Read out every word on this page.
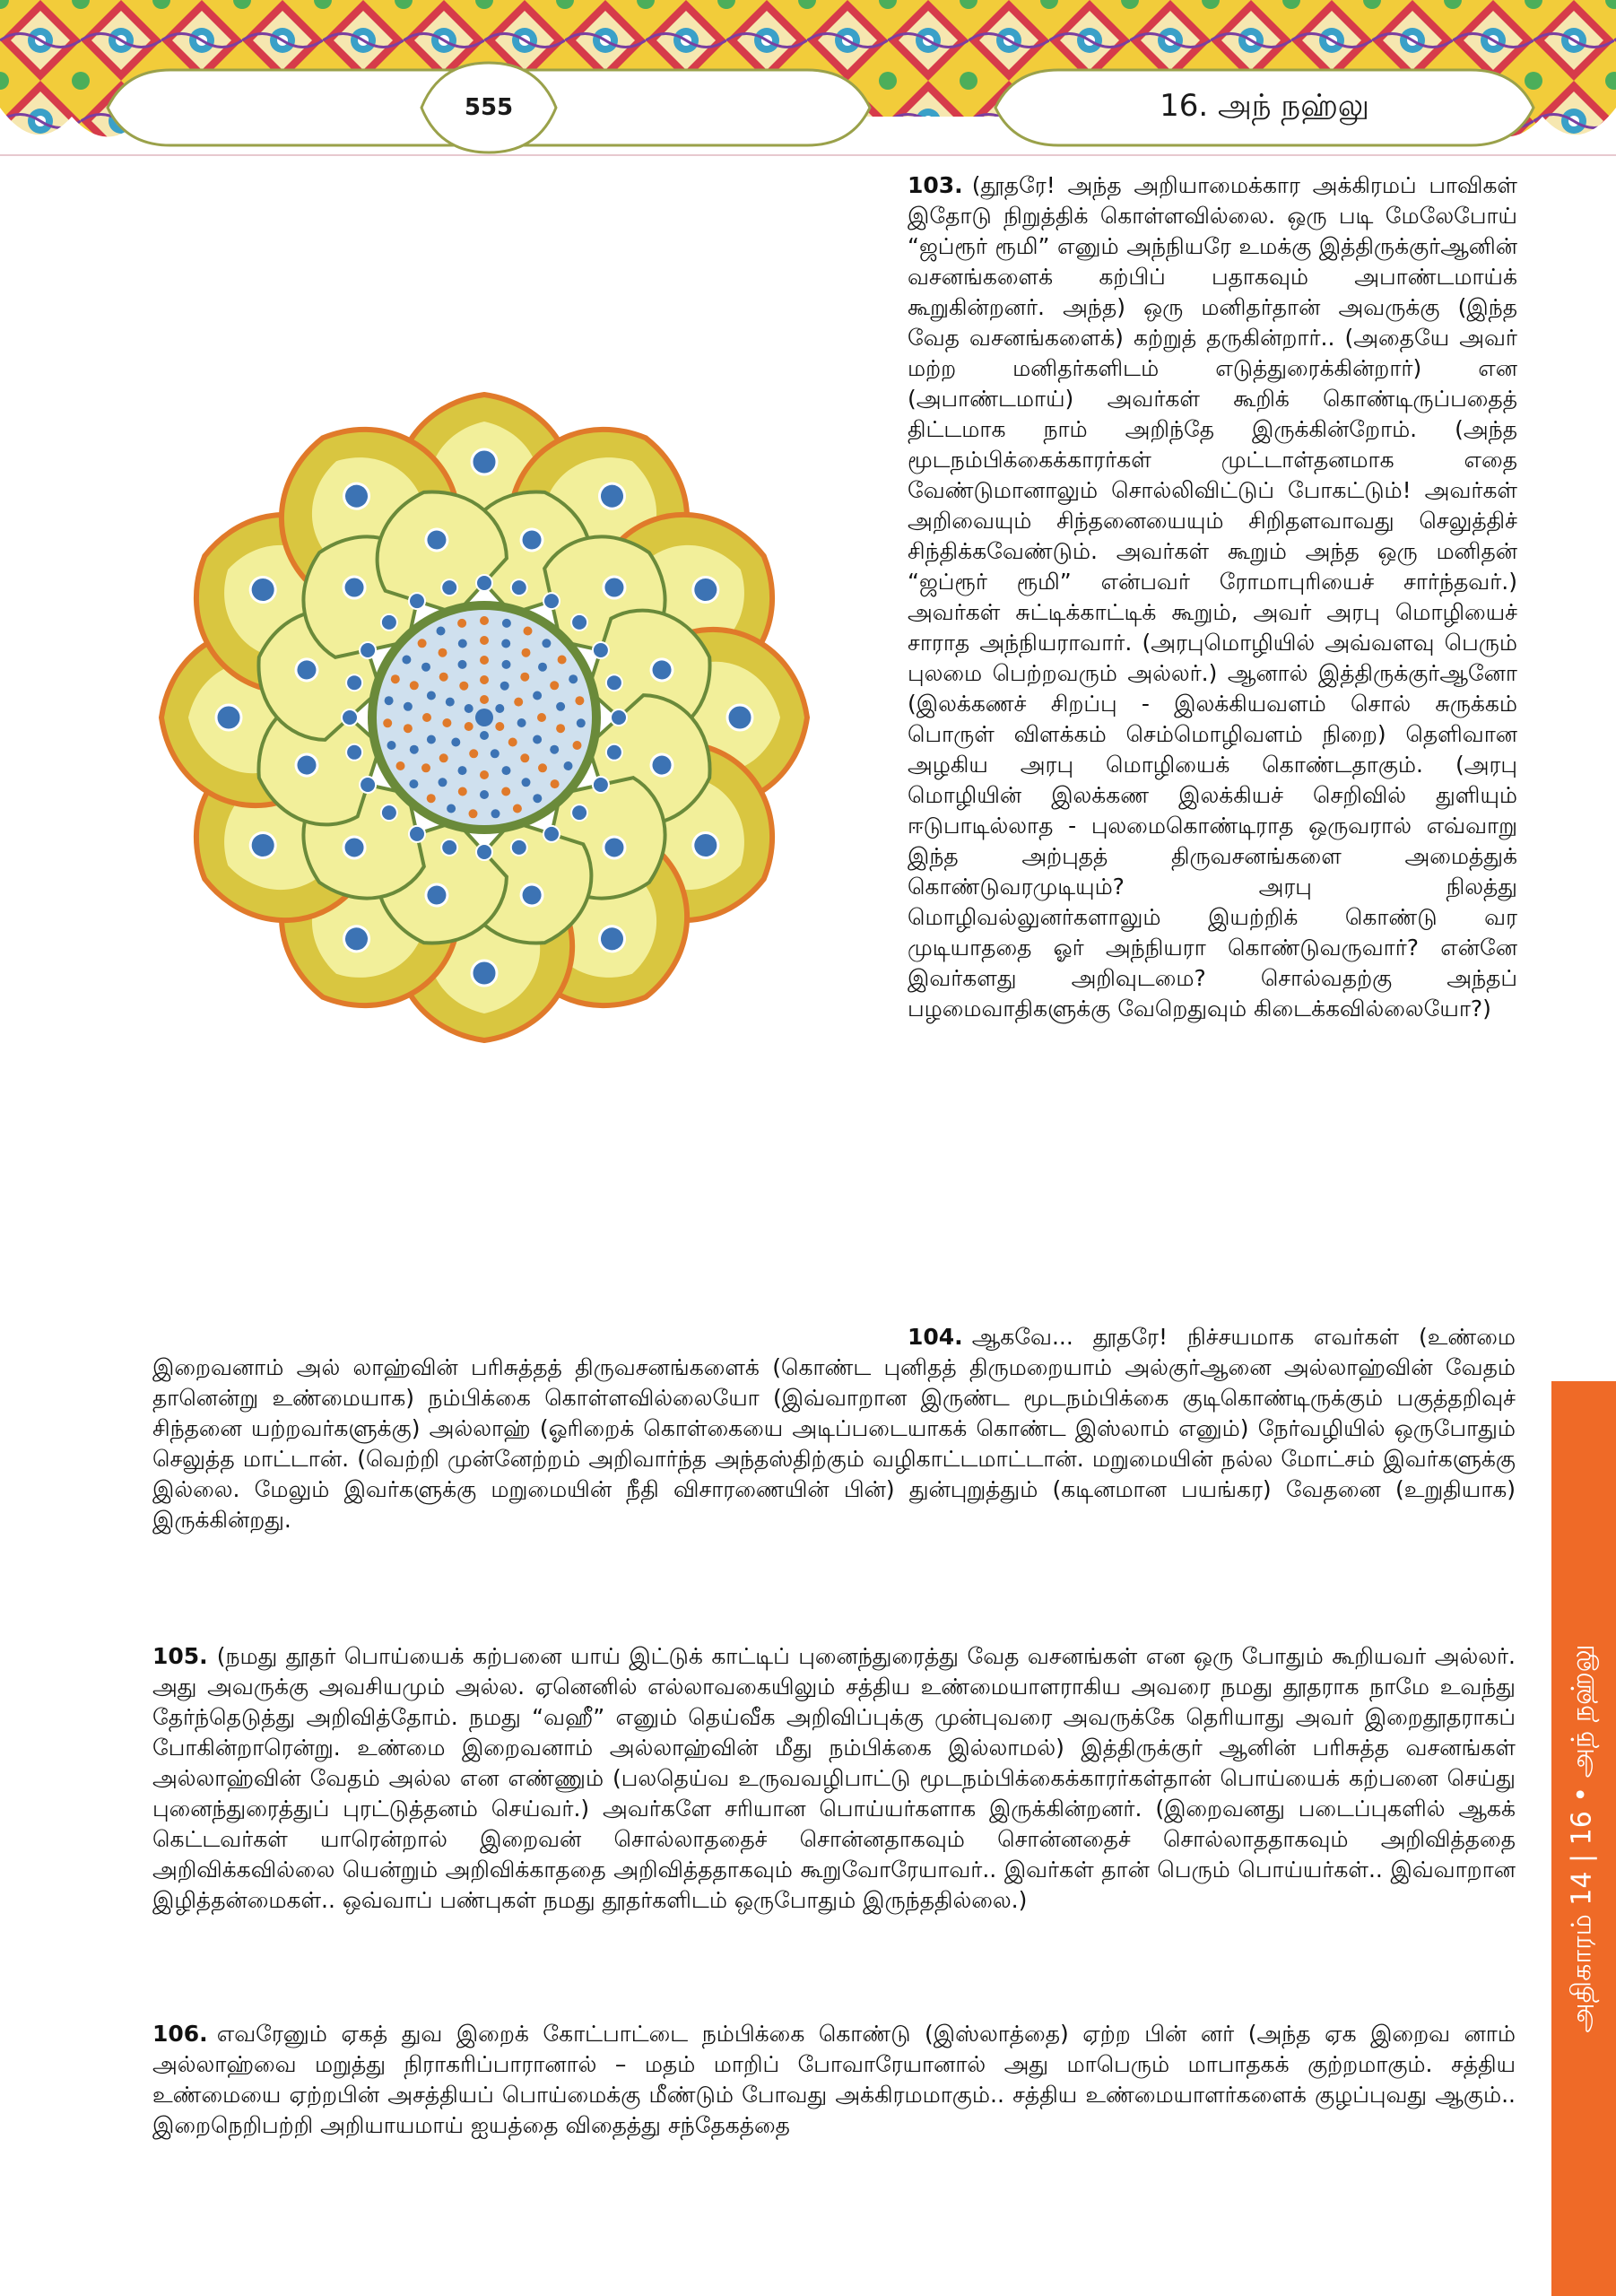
555	16. அந் நஹ்லு

103. (தூதரே! அந்த அறியாமைக்கார அக்கிரமப் பாவிகள் இதோடு நிறுத்திக் கொள்ளவில்லை. ஒரு படி மேலேபோய் “ஜப்ரூர் ரூமி” எனும் அந்நியரே உமக்கு இத்திருக்குர்ஆனின் வசனங்களைக் கற்பிப் பதாகவும் அபாண்டமாய்க் கூறுகின்றனர். அந்த) ஒரு மனிதர்தான் அவருக்கு (இந்த வேத வசனங்களைக்) கற்றுத் தருகின்றார்.. (அதையே அவர் மற்ற மனிதர்களிடம் எடுத்துரைக்கின்றார்) என (அபாண்டமாய்) அவர்கள் கூறிக் கொண்டிருப்பதைத் திட்டமாக நாம் அறிந்தே இருக்கின்றோம். (அந்த மூடநம்பிக்கைக்காரர்கள் முட்டாள்தனமாக எதை வேண்டுமானாலும் சொல்லிவிட்டுப் போகட்டும்! அவர்கள் அறிவையும் சிந்தனையையும் சிறிதளவாவது செலுத்திச் சிந்திக்கவேண்டும். அவர்கள் கூறும் அந்த ஒரு மனிதன் “ஜப்ரூர் ரூமி” என்பவர் ரோமாபுரியைச் சார்ந்தவர்.) அவர்கள் சுட்டிக்காட்டிக் கூறும், அவர் அரபு மொழியைச் சாராத அந்நியராவார். (அரபுமொழியில் அவ்வளவு பெரும் புலமை பெற்றவரும் அல்லர்.) ஆனால் இத்திருக்குர்ஆனோ (இலக்கணச் சிறப்பு - இலக்கியவளம் சொல் சுருக்கம் பொருள் விளக்கம் செம்மொழிவளம் நிறை) தெளிவான அழகிய அரபு மொழியைக் கொண்டதாகும். (அரபு மொழியின் இலக்கண இலக்கியச் செறிவில் துளியும் ஈடுபாடில்லாத - புலமைகொண்டிராத ஒருவரால் எவ்வாறு இந்த அற்புதத் திருவசனங்களை அமைத்துக் கொண்டுவரமுடியும்? அரபு நிலத்து மொழிவல்லுனர்களாலும் இயற்றிக் கொண்டு வர முடியாததை ஓர் அந்நியரா கொண்டுவருவார்? என்னே இவர்களது அறிவுடமை? சொல்வதற்கு அந்தப் பழமைவாதிகளுக்கு வேறெதுவும் கிடைக்கவில்லையோ?)

104. ஆகவே... தூதரே! நிச்சயமாக எவர்கள் (உண்மை இறைவனாம் அல் லாஹ்வின் பரிசுத்தத் திருவசனங்களைக் (கொண்ட புனிதத் திருமறையாம் அல்குர்ஆனை அல்லாஹ்வின் வேதம் தானென்று உண்மையாக) நம்பிக்கை கொள்ளவில்லையோ (இவ்வாறான இருண்ட மூடநம்பிக்கை குடிகொண்டிருக்கும் பகுத்தறிவுச் சிந்தனை யற்றவர்களுக்கு) அல்லாஹ் (ஓரிறைக் கொள்கையை அடிப்படையாகக் கொண்ட இஸ்லாம் எனும்) நேர்வழியில் ஒருபோதும் செலுத்த மாட்டான். (வெற்றி முன்னேற்றம் அறிவார்ந்த அந்தஸ்திற்கும் வழிகாட்டமாட்டான். மறுமையின் நல்ல மோட்சம் இவர்களுக்கு இல்லை. மேலும் இவர்களுக்கு மறுமையின் நீதி விசாரணையின் பின்) துன்புறுத்தும் (கடினமான பயங்கர) வேதனை (உறுதியாக) இருக்கின்றது.

105. (நமது தூதர் பொய்யைக் கற்பனை யாய் இட்டுக் காட்டிப் புனைந்துரைத்து வேத வசனங்கள் என ஒரு போதும் கூறியவர் அல்லர். அது அவருக்கு அவசியமும் அல்ல. ஏனெனில் எல்லாவகையிலும் சத்திய உண்மையாளராகிய அவரை நமது தூதராக நாமே உவந்து தேர்ந்தெடுத்து அறிவித்தோம். நமது “வஹீ” எனும் தெய்வீக அறிவிப்புக்கு முன்புவரை அவருக்கே தெரியாது அவர் இறைதூதராகப் போகின்றாரென்று. உண்மை இறைவனாம் அல்லாஹ்வின் மீது நம்பிக்கை இல்லாமல்) இத்திருக்குர் ஆனின் பரிசுத்த வசனங்கள் அல்லாஹ்வின் வேதம் அல்ல என எண்ணும் (பலதெய்வ உருவவழிபாட்டு மூடநம்பிக்கைக்காரர்கள்தான் பொய்யைக் கற்பனை செய்து புனைந்துரைத்துப் புரட்டுத்தனம் செய்வர்.) அவர்களே சரியான பொய்யர்களாக இருக்கின்றனர். (இறைவனது படைப்புகளில் ஆகக் கெட்டவர்கள் யாரென்றால் இறைவன் சொல்லாததைச் சொன்னதாகவும் சொன்னதைச் சொல்லாததாகவும் அறிவித்ததை அறிவிக்கவில்லை யென்றும் அறிவிக்காததை அறிவித்ததாகவும் கூறுவோரேயாவர்.. இவர்கள் தான் பெரும் பொய்யர்கள்.. இவ்வாறான இழித்தன்மைகள்.. ஒவ்வாப் பண்புகள் நமது தூதர்களிடம் ஒருபோதும் இருந்ததில்லை.)

106. எவரேனும் ஏகத் துவ இறைக் கோட்பாட்டை நம்பிக்கை கொண்டு (இஸ்லாத்தை) ஏற்ற பின் னர் (அந்த ஏக இறைவ னாம் அல்லாஹ்வை மறுத்து நிராகரிப்பாரானால் – மதம் மாறிப் போவாரேயானால் அது மாபெரும் மாபாதகக் குற்றமாகும். சத்திய உண்மையை ஏற்றபின் அசத்தியப் பொய்மைக்கு மீண்டும் போவது அக்கிரமமாகும்.. சத்திய உண்மையாளர்களைக் குழப்புவது ஆகும்.. இறைநெறிபற்றி அறியாயமாய் ஐயத்தை விதைத்து சந்தேகத்தை

அதிகாரம் 14 | 16 • அந் நஹ்லு
